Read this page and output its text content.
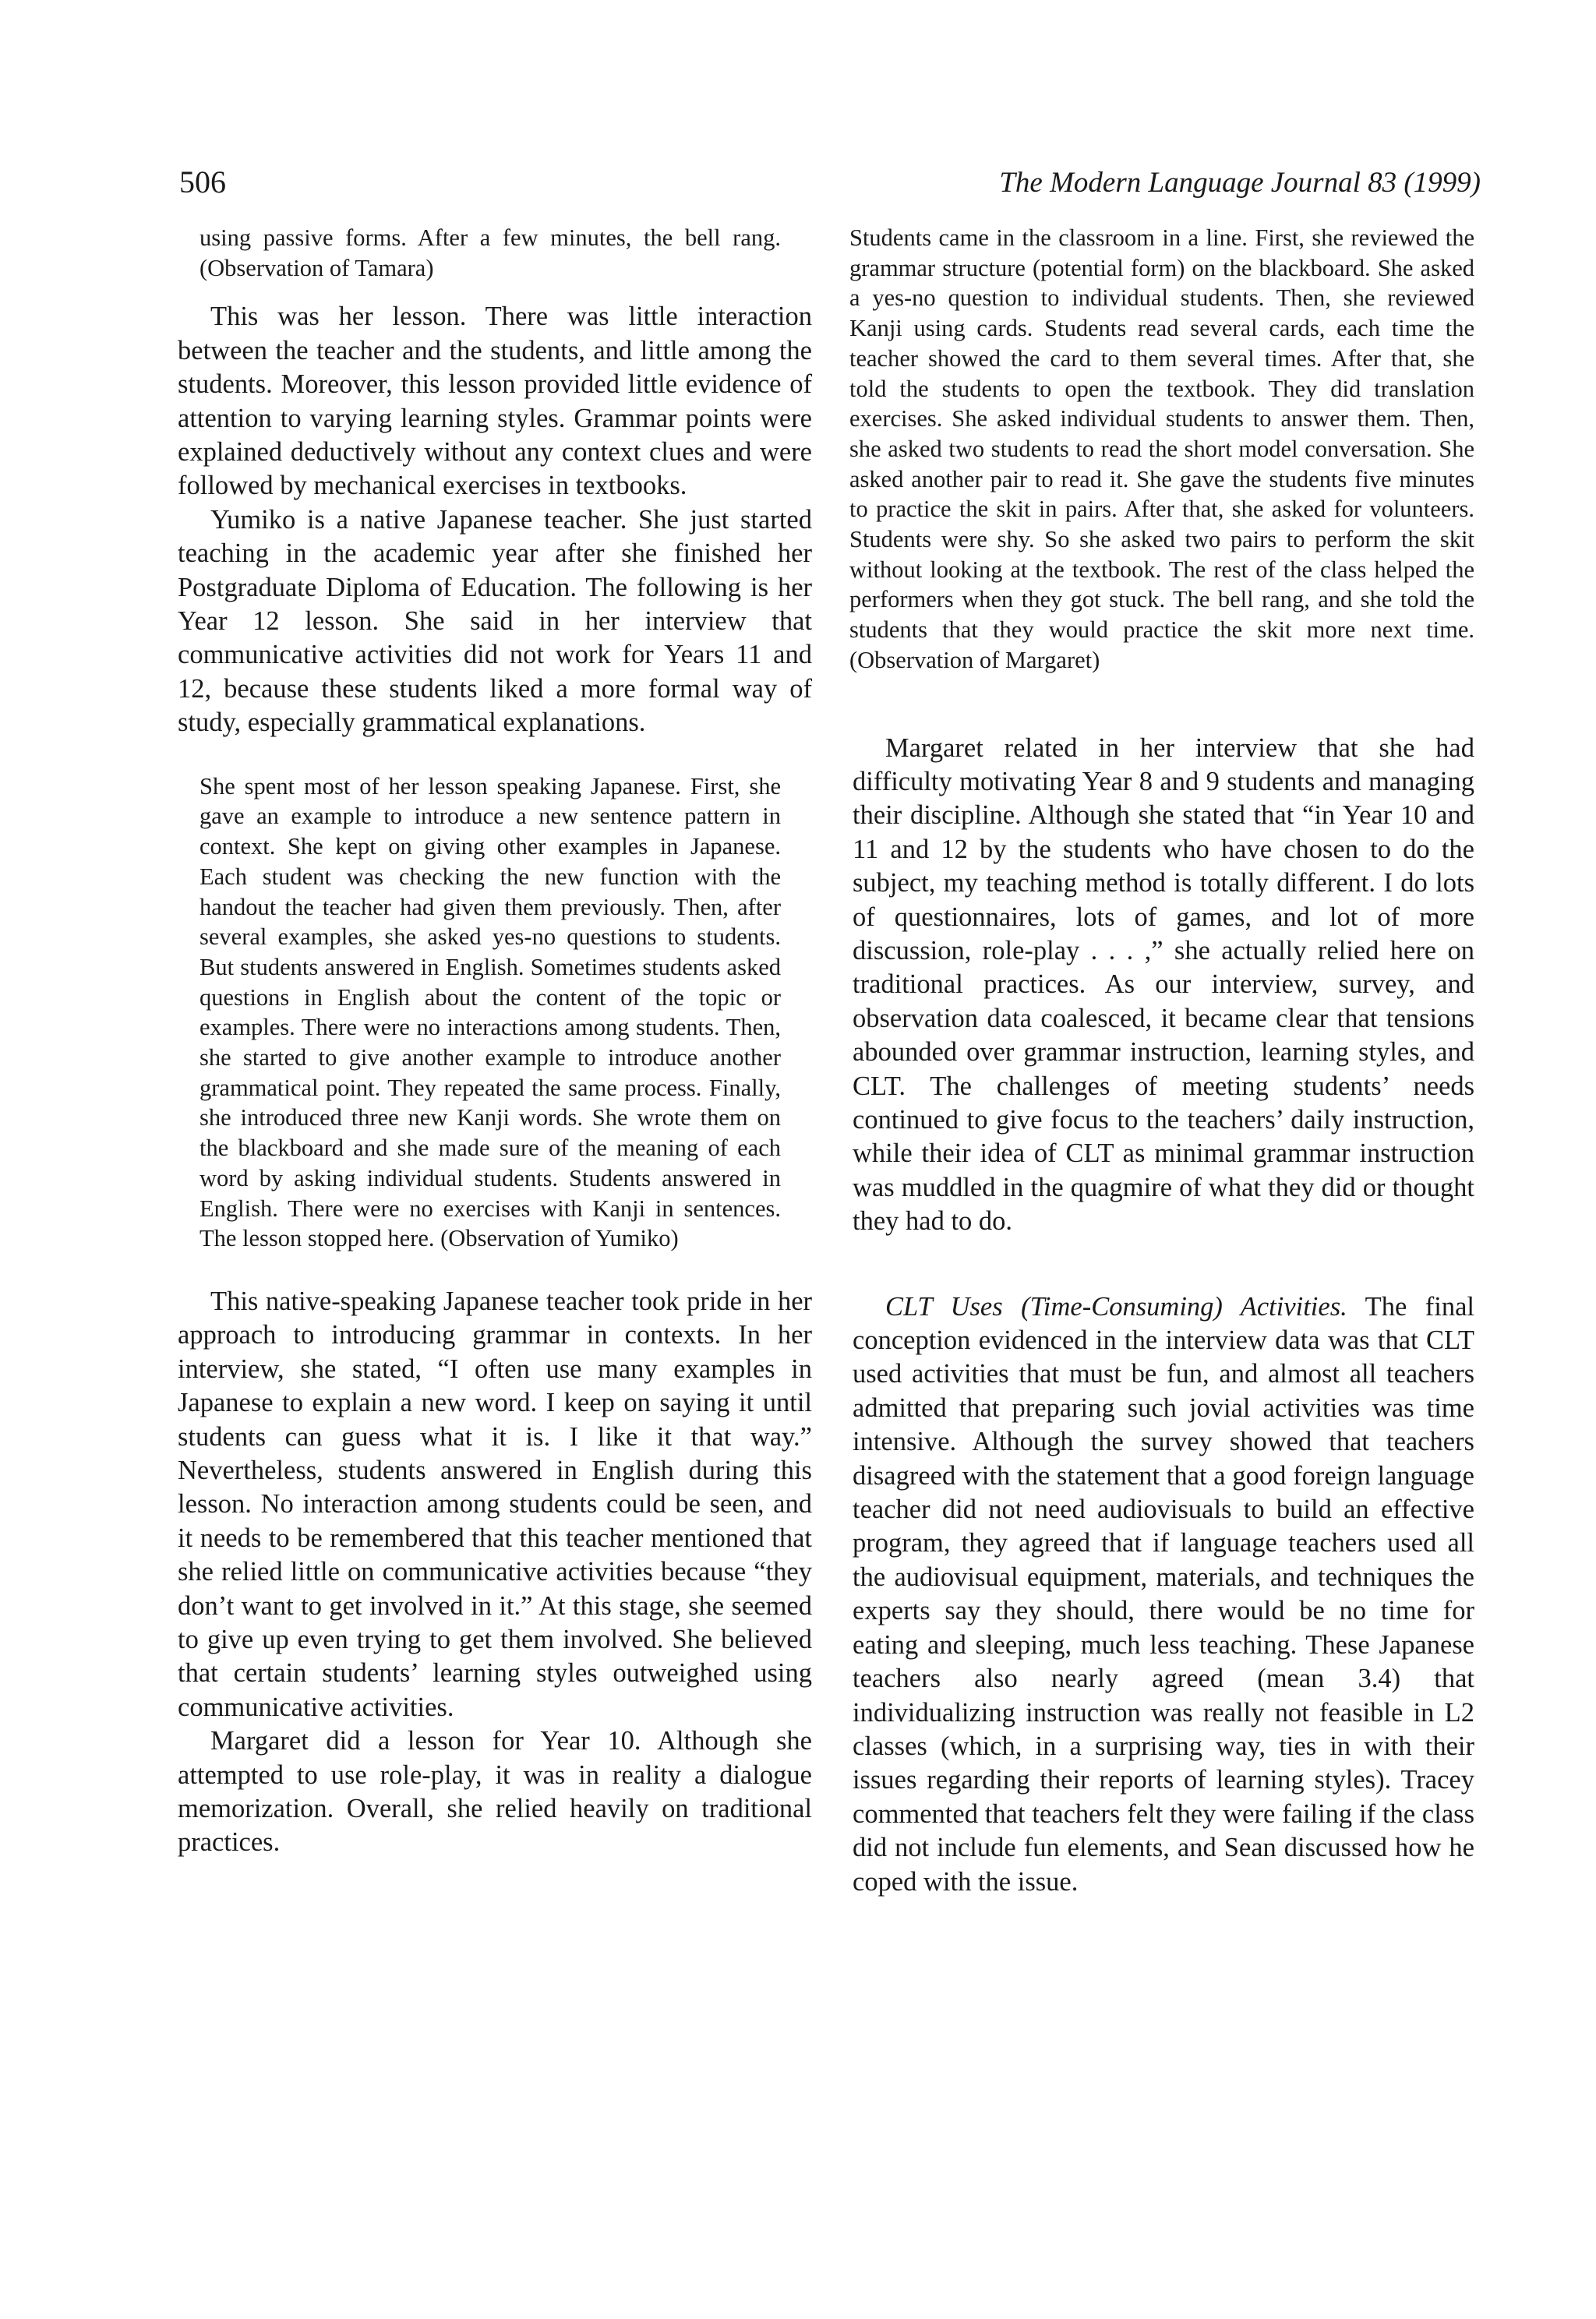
506	The Modern Language Journal 83 (1999)

using passive forms. After a few minutes, the bell rang. (Observation of Tamara)

This was her lesson. There was little interaction between the teacher and the students, and little among the students. Moreover, this lesson provided little evidence of attention to varying learning styles. Grammar points were explained deductively without any context clues and were followed by mechanical exercises in textbooks.

Yumiko is a native Japanese teacher. She just started teaching in the academic year after she finished her Postgraduate Diploma of Education. The following is her Year 12 lesson. She said in her interview that communicative activities did not work for Years 11 and 12, because these students liked a more formal way of study, especially grammatical explanations.

She spent most of her lesson speaking Japanese. First, she gave an example to introduce a new sentence pattern in context. She kept on giving other examples in Japanese. Each student was checking the new function with the handout the teacher had given them previously. Then, after several examples, she asked yes-no questions to students. But students answered in English. Sometimes students asked questions in English about the content of the topic or examples. There were no interactions among students. Then, she started to give another example to introduce another grammatical point. They repeated the same process. Finally, she introduced three new Kanji words. She wrote them on the blackboard and she made sure of the meaning of each word by asking individual students. Students answered in English. There were no exercises with Kanji in sentences. The lesson stopped here. (Observation of Yumiko)

This native-speaking Japanese teacher took pride in her approach to introducing grammar in contexts. In her interview, she stated, “I often use many examples in Japanese to explain a new word. I keep on saying it until students can guess what it is. I like it that way.” Nevertheless, students answered in English during this lesson. No interaction among students could be seen, and it needs to be remembered that this teacher mentioned that she relied little on communicative activities because “they don’t want to get involved in it.” At this stage, she seemed to give up even trying to get them involved. She believed that certain students’ learning styles outweighed using communicative activities.

Margaret did a lesson for Year 10. Although she attempted to use role-play, it was in reality a dialogue memorization. Overall, she relied heavily on traditional practices.

Students came in the classroom in a line. First, she reviewed the grammar structure (potential form) on the blackboard. She asked a yes-no question to individual students. Then, she reviewed Kanji using cards. Students read several cards, each time the teacher showed the card to them several times. After that, she told the students to open the textbook. They did translation exercises. She asked individual students to answer them. Then, she asked two students to read the short model conversation. She asked another pair to read it. She gave the students five minutes to practice the skit in pairs. After that, she asked for volunteers. Students were shy. So she asked two pairs to perform the skit without looking at the textbook. The rest of the class helped the performers when they got stuck. The bell rang, and she told the students that they would practice the skit more next time. (Observation of Margaret)

Margaret related in her interview that she had difficulty motivating Year 8 and 9 students and managing their discipline. Although she stated that “in Year 10 and 11 and 12 by the students who have chosen to do the subject, my teaching method is totally different. I do lots of questionnaires, lots of games, and lot of more discussion, role-play . . . ,” she actually relied here on traditional practices. As our interview, survey, and observation data coalesced, it became clear that tensions abounded over grammar instruction, learning styles, and CLT. The challenges of meeting students’ needs continued to give focus to the teachers’ daily instruction, while their idea of CLT as minimal grammar instruction was muddled in the quagmire of what they did or thought they had to do.

CLT Uses (Time-Consuming) Activities. The final conception evidenced in the interview data was that CLT used activities that must be fun, and almost all teachers admitted that preparing such jovial activities was time intensive. Although the survey showed that teachers disagreed with the statement that a good foreign language teacher did not need audiovisuals to build an effective program, they agreed that if language teachers used all the audiovisual equipment, materials, and techniques the experts say they should, there would be no time for eating and sleeping, much less teaching. These Japanese teachers also nearly agreed (mean 3.4) that individualizing instruction was really not feasible in L2 classes (which, in a surprising way, ties in with their issues regarding their reports of learning styles). Tracey commented that teachers felt they were failing if the class did not include fun elements, and Sean discussed how he coped with the issue.
